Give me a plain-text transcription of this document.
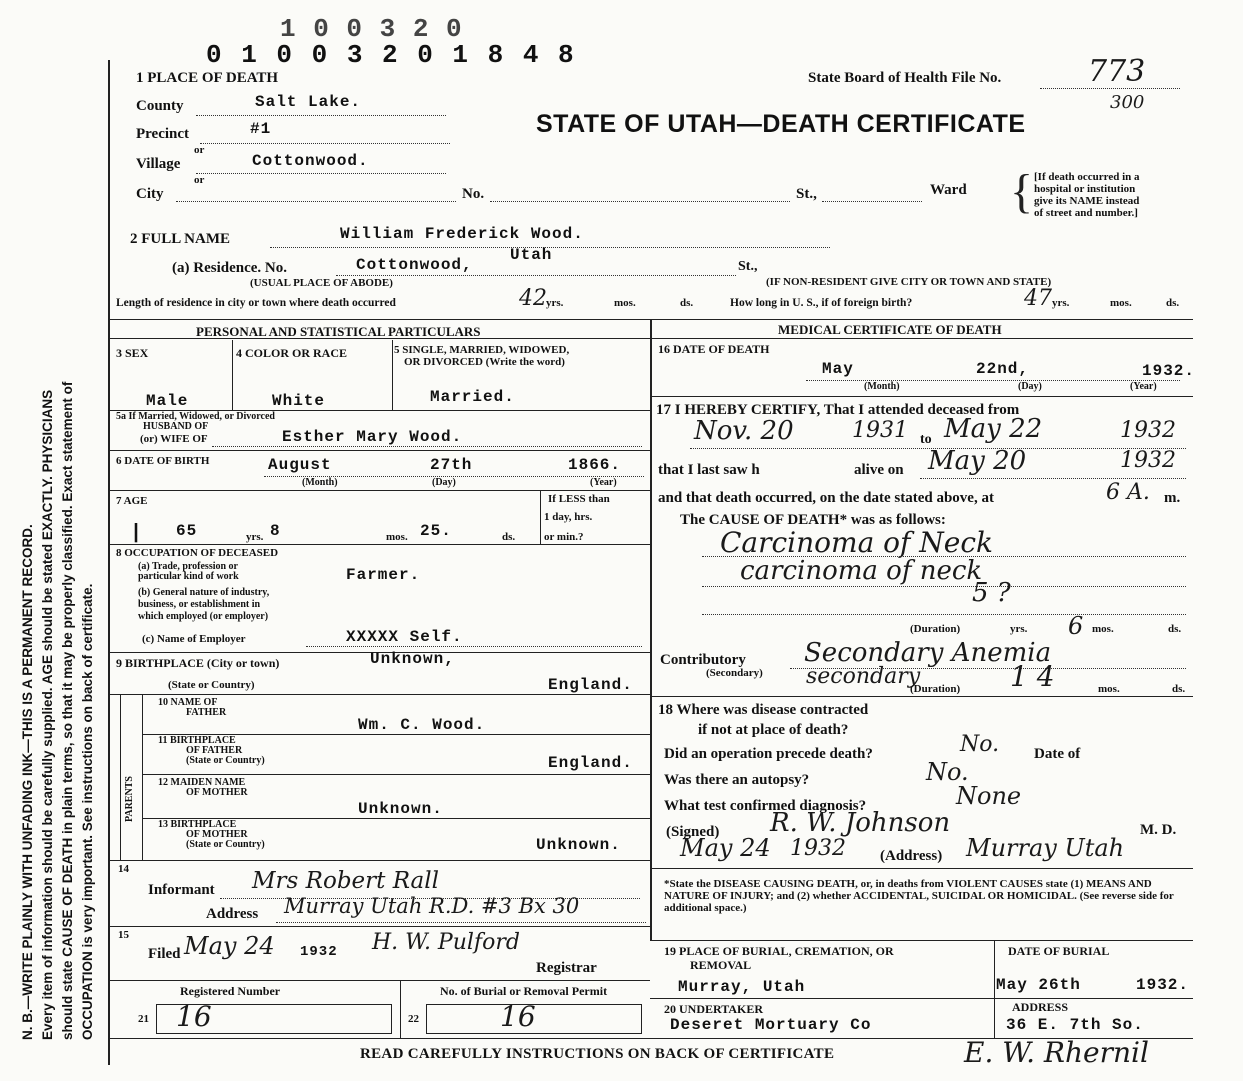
1 0 0 3 2 0
0 1 0 0 3 2 0 1 8 4 8
N. B.—WRITE PLAINLY WITH UNFADING INK—THIS IS A PERMANENT RECORD. Every item of information should be carefully supplied. AGE should be stated EXACTLY. PHYSICIANS should state CAUSE OF DEATH in plain terms, so that it may be properly classified. Exact statement of OCCUPATION is very important. See instructions on back of certificate.
State Board of Health File No.	773
300
STATE OF UTAH—DEATH CERTIFICATE
1 PLACE OF DEATH
County	Salt Lake.
Precinct	#1
or
Village	Cottonwood.
or
City	No.	St.,	Ward { [If death occurred in a
hospital or institution
give its NAME instead
of street and number.]
2 FULL NAME	William Frederick Wood.
(a) Residence. No.	Cottonwood,
Utah
St.,
(USUAL PLACE OF ABODE)	(IF NON-RESIDENT GIVE CITY OR TOWN AND STATE)
Length of residence in city or town where death occurred	42 yrs.	mos.	ds.	How long in U. S., if of foreign birth?	47 yrs.	mos.	ds.
PERSONAL AND STATISTICAL PARTICULARS	MEDICAL CERTIFICATE OF DEATH
3 SEX	4 COLOR OR RACE	5 SINGLE, MARRIED, WIDOWED,
OR DIVORCED (Write the word)
Male	White	Married.
5a If Married, Widowed, or Divorced
HUSBAND OF
(or) WIFE OF	Esther Mary Wood.
6 DATE OF BIRTH	August	27th	1866.
(Month)	(Day)	(Year)
7 AGE
| 65	yrs. 8	mos. 25.	ds.
If LESS than
1 day, hrs.
or min.?
8 OCCUPATION OF DECEASED
(a) Trade, profession or
particular kind of work	Farmer.
(b) General nature of industry,
business, or establishment in
which employed (or employer)
(c) Name of Employer	XXXXX Self.
9 BIRTHPLACE (City or town)	Unknown,
(State or Country)	England.
PARENTS
10 NAME OF
FATHER
Wm. C. Wood.
11 BIRTHPLACE
OF FATHER
(State or Country)	England.
12 MAIDEN NAME
OF MOTHER
Unknown.
13 BIRTHPLACE
OF MOTHER
(State or Country)	Unknown.
14
Informant Mrs Robert Rall
Address Murray Utah R.D. #3 Bx 30
15
Filed May 24 1932 H. W. Pulford
Registrar
Registered Number
21 16
No. of Burial or Removal Permit
22	16
16 DATE OF DEATH
May	22nd,	1932.
(Month)	(Day)	(Year)
17 I HEREBY CERTIFY, That I attended deceased from
Nov. 20	1931 to May 22	1932
that I last saw h	alive on May 20	1932
and that death occurred, on the date stated above, at	6 A. m.
The CAUSE OF DEATH* was as follows:
Carcinoma of Neck
carcinoma of neck
5 ?
(Duration)	yrs. 6 mos.	ds.
Contributory
(Secondary)
Secondary Anemia
secondary
(Duration) 1 4	mos.	ds.
18 Where was disease contracted
if not at place of death?
Did an operation precede death?	No. Date of
Was there an autopsy?	No.
What test confirmed diagnosis?	None
(Signed) R. W. Johnson	M. D.
May 24 1932 (Address) Murray Utah
*State the DISEASE CAUSING DEATH, or, in deaths from VIOLENT CAUSES state (1) MEANS AND NATURE OF INJURY; and (2) whether ACCIDENTAL, SUICIDAL OR HOMICIDAL. (See reverse side for additional space.)
19 PLACE OF BURIAL, CREMATION, OR
REMOVAL
Murray, Utah
DATE OF BURIAL
May 26th	1932.
20 UNDERTAKER
Deseret Mortuary Co
ADDRESS
36 E. 7th So.
READ CAREFULLY INSTRUCTIONS ON BACK OF CERTIFICATE	E. W. Rhernil
